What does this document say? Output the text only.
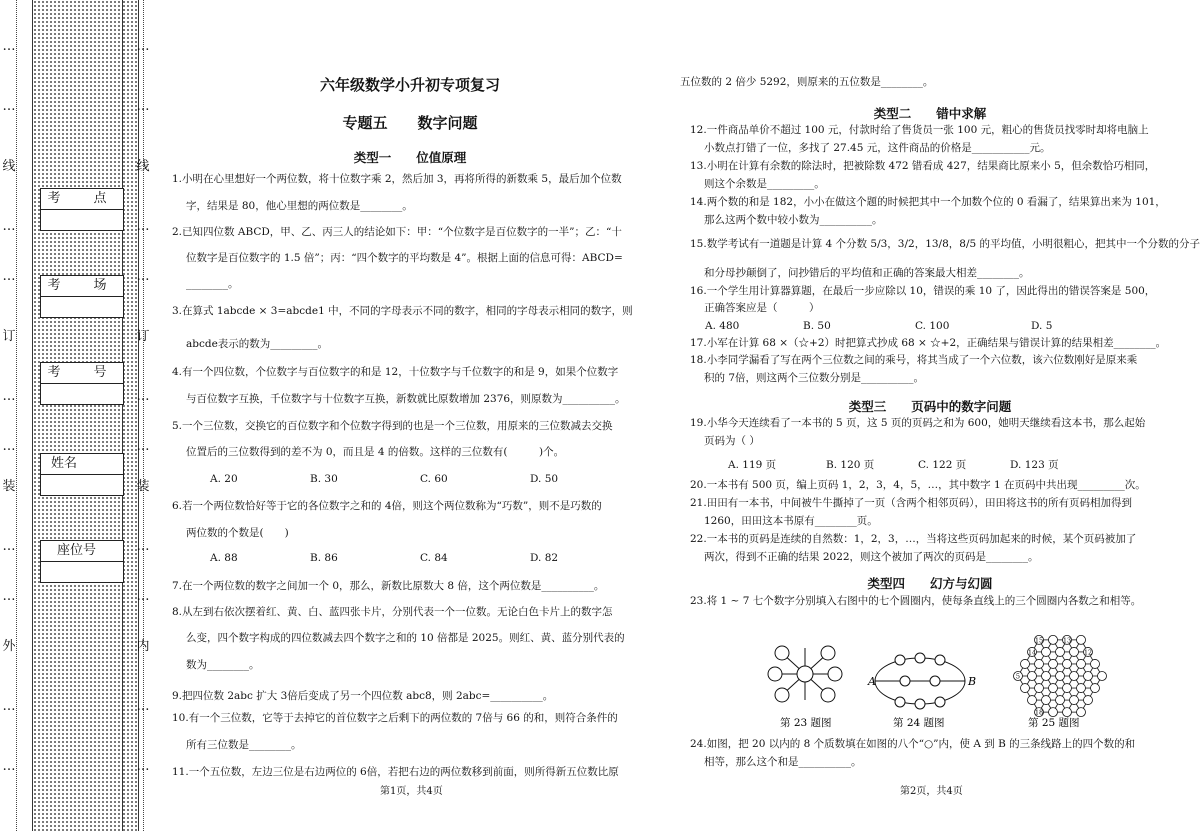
…
…
线
…
…
订
…
…
装
…
…
外
…
…
…
…
线
…
…
订
…
…
装
…
…
内
…
…
考　点
考　场
考　号
姓名
座位号
六年级数学小升初专项复习
专题五　　数字问题
类型一　　位值原理
1.小明在心里想好一个两位数，将十位数字乘 2，然后加 3，再将所得的新数乘 5，最后加个位数
字，结果是 80，他心里想的两位数是________。
2.已知四位数 ABCD，甲、乙、丙三人的结论如下：甲：“个位数字是百位数字的一半”；乙：“十
位数字是百位数字的 1.5 倍”；丙：“四个数字的平均数是 4”。根据上面的信息可得：ABCD=
________。
3.在算式 1abcde × 3=abcde1 中，不同的字母表示不同的数字，相同的字母表示相同的数字，则
abcde表示的数为_________。
4.有一个四位数，个位数字与百位数字的和是 12，十位数字与千位数字的和是 9，如果个位数字
与百位数字互换，千位数字与十位数字互换，新数就比原数增加 2376，则原数为__________。
5.一个三位数，交换它的百位数字和个位数字得到的也是一个三位数，用原来的三位数减去交换
位置后的三位数得到的差不为 0，而且是 4 的倍数。这样的三位数有(　　　)个。
6.若一个两位数恰好等于它的各位数字之和的 4倍，则这个两位数称为“巧数”，则不是巧数的
两位数的个数是(　　)
7.在一个两位数的数字之间加一个 0，那么，新数比原数大 8 倍，这个两位数是__________。
8.从左到右依次摆着红、黄、白、蓝四张卡片，分别代表一个一位数。无论白色卡片上的数字怎
么变，四个数字构成的四位数减去四个数字之和的 10 倍都是 2025。则红、黄、蓝分别代表的
数为________。
9.把四位数 2abc 扩大 3倍后变成了另一个四位数 abc8，则 2abc=__________。
10.有一个三位数，它等于去掉它的首位数字之后剩下的两位数的 7倍与 66 的和，则符合条件的
所有三位数是________。
11.一个五位数，左边三位是右边两位的 6倍，若把右边的两位数移到前面，则所得新五位数比原
A. 20	B. 30	C. 60	D. 50
A. 88	B. 86	C. 84	D. 82
第1页，共4页
五位数的 2 倍少 5292，则原来的五位数是________。
类型二　　错中求解
12.一件商品单价不超过 100 元，付款时给了售货员一张 100 元，粗心的售货员找零时却将电脑上
小数点打错了一位，多找了 27.45 元，这件商品的价格是___________元。
13.小明在计算有余数的除法时，把被除数 472 错看成 427，结果商比原来小 5，但余数恰巧相同，
则这个余数是_________。
14.两个数的和是 182，小小在做这个题的时候把其中一个加数个位的 0 看漏了，结果算出来为 101，
那么这两个数中较小数为__________。
15.数学考试有一道题是计算 4 个分数 5/3，3/2，13/8，8/5 的平均值，小明很粗心，把其中一个分数的分子
和分母抄颠倒了，问抄错后的平均值和正确的答案最大相差________。
16.一个学生用计算器算题，在最后一步应除以 10，错误的乘 10 了，因此得出的错误答案是 500，
正确答案应是（　　　）
17.小军在计算 68 ×（☆+2）时把算式抄成 68 × ☆+2，正确结果与错误计算的结果相差________。
18.小李同学漏看了写在两个三位数之间的乘号，将其当成了一个六位数，该六位数刚好是原来乘
积的 7倍，则这两个三位数分别是__________。
A. 480	B. 50	C. 100	D. 5
类型三　　页码中的数字问题
19.小华今天连续看了一本书的 5 页，这 5 页的页码之和为 600，她明天继续看这本书，那么起始
页码为（ ）
20.一本书有 500 页，编上页码 1，2，3，4，5，…，其中数字 1 在页码中共出现_________次。
21.田田有一本书，中间被牛牛撕掉了一页（含两个相邻页码），田田将这书的所有页码相加得到
1260，田田这本书原有________页。
22.一本书的页码是连续的自然数：1，2，3，…，当将这些页码加起来的时候，某个页码被加了
两次，得到不正确的结果 2022，则这个被加了两次的页码是________。
A. 119 页	B. 120 页	C. 122 页	D. 123 页
类型四　　幻方与幻圆
23.将 1 ~ 7 七个数字分别填入右图中的七个圆圈内，使每条直线上的三个圆圈内各数之和相等。
A	B
第 23 题图	第 24 题图	第 25 题图
15	13
14	12
5
18
24.如图，把 20 以内的 8 个质数填在如图的八个“○”内，使 A 到 B 的三条线路上的四个数的和
相等，那么这个和是__________。
第2页，共4页
